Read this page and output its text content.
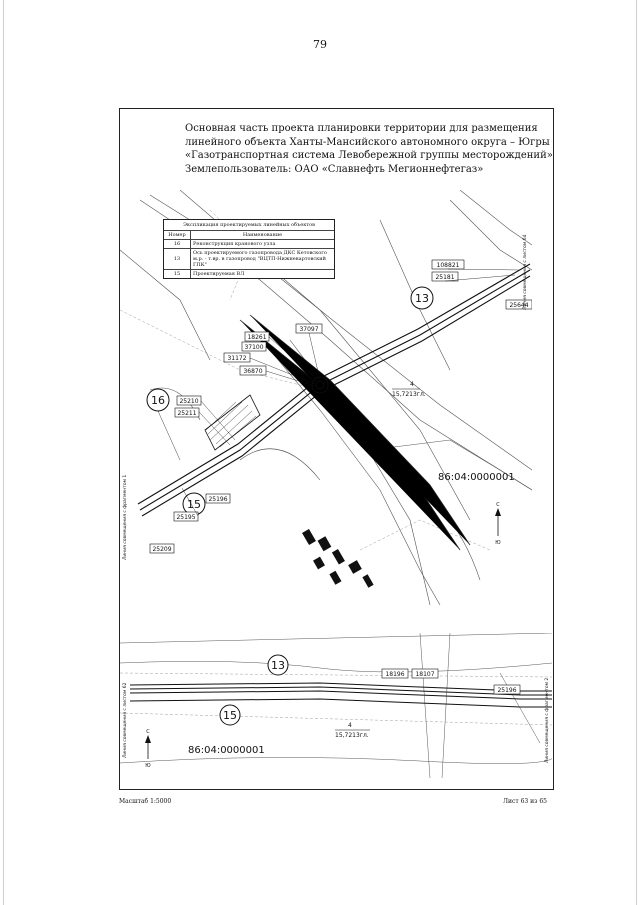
79
Основная часть проекта планировки территории для размещения
линейного объекта Ханты-Мансийского автономного округа – Югры
«Газотранспортная система Левобережной группы месторождений»
Землепользователь: ОАО «Славнефть Мегионнефтегаз»
13
16
15
108821
25181
25644
37097
18261
37100
31172
36870
25210
25211
25196
25195
25209
4
15,7213гл.
86:04:0000001
Линия совмещения с фрагментом 1
Линия совмещения с листом 64
С
Ю
Экспликация проектируемых линейных объектов
Номер	Наименование
16	Реконструкция кранового узла
13	Ось проектируемого газопровода ДКС Кетовского м.р. - т.вр. в газопровод "ВЦТП-Нижневартовский ГПК"
15	Проектируемая ВЛ
13
15
18196 18107
25196
4
15,7213гл.
86:04:0000001
Линия совмещения с листом 62	Линия совмещения с фрагментом 2
С
Ю
Масштаб 1:5000	Лист 63 из 65
